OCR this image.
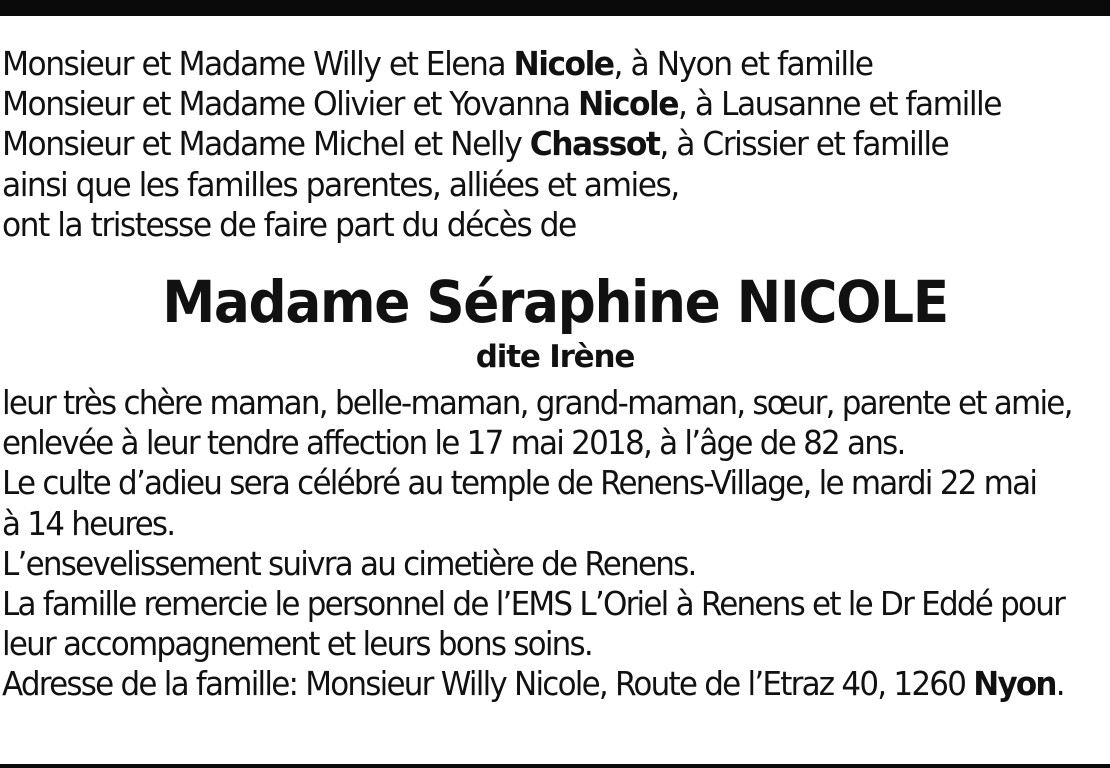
Monsieur et Madame Willy et Elena Nicole, à Nyon et famille
Monsieur et Madame Olivier et Yovanna Nicole, à Lausanne et famille
Monsieur et Madame Michel et Nelly Chassot, à Crissier et famille
ainsi que les familles parentes, alliées et amies,
ont la tristesse de faire part du décès de
Madame Séraphine NICOLE
dite Irène
leur très chère maman, belle-maman, grand-maman, sœur, parente et amie,
enlevée à leur tendre affection le 17 mai 2018, à l’âge de 82 ans.
Le culte d’adieu sera célébré au temple de Renens-Village, le mardi 22 mai
à 14 heures.
L’ensevelissement suivra au cimetière de Renens.
La famille remercie le personnel de l’EMS L’Oriel à Renens et le Dr Eddé pour
leur accompagnement et leurs bons soins.
Adresse de la famille: Monsieur Willy Nicole, Route de l’Etraz 40, 1260 Nyon.
